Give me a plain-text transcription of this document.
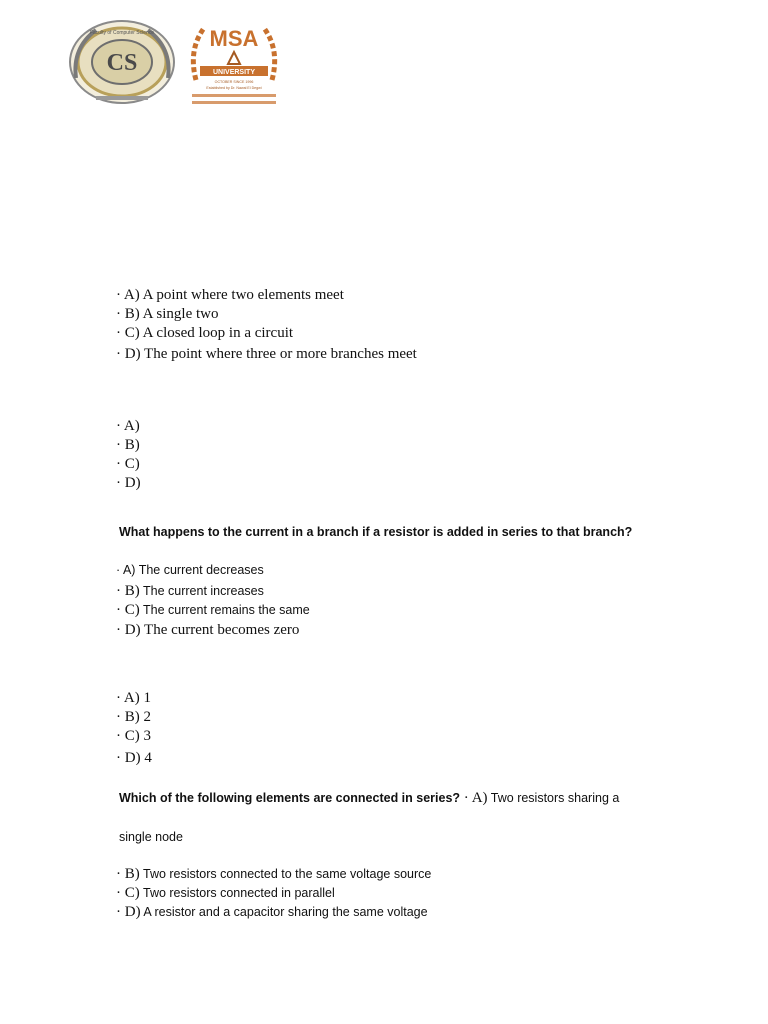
CS
Faculty of Computer Science	MSA
UNIVERSITY
OCTOBER SINCE 1996
Established by Dr. Nawal El Degwi
· A) A point where two elements meet
· B) A single two
· C) A closed loop in a circuit
· D) The point where three or more branches meet
· A)
· B)
· C)
· D)
What happens to the current in a branch if a resistor is added in series to that branch?
· A) The current decreases
· B) The current increases
· C) The current remains the same
· D) The current becomes zero
· A) 1
· B) 2
· C) 3
· D) 4
Which of the following elements are connected in series? · A) Two resistors sharing a
single node
· B) Two resistors connected to the same voltage source
· C) Two resistors connected in parallel
· D) A resistor and a capacitor sharing the same voltage
